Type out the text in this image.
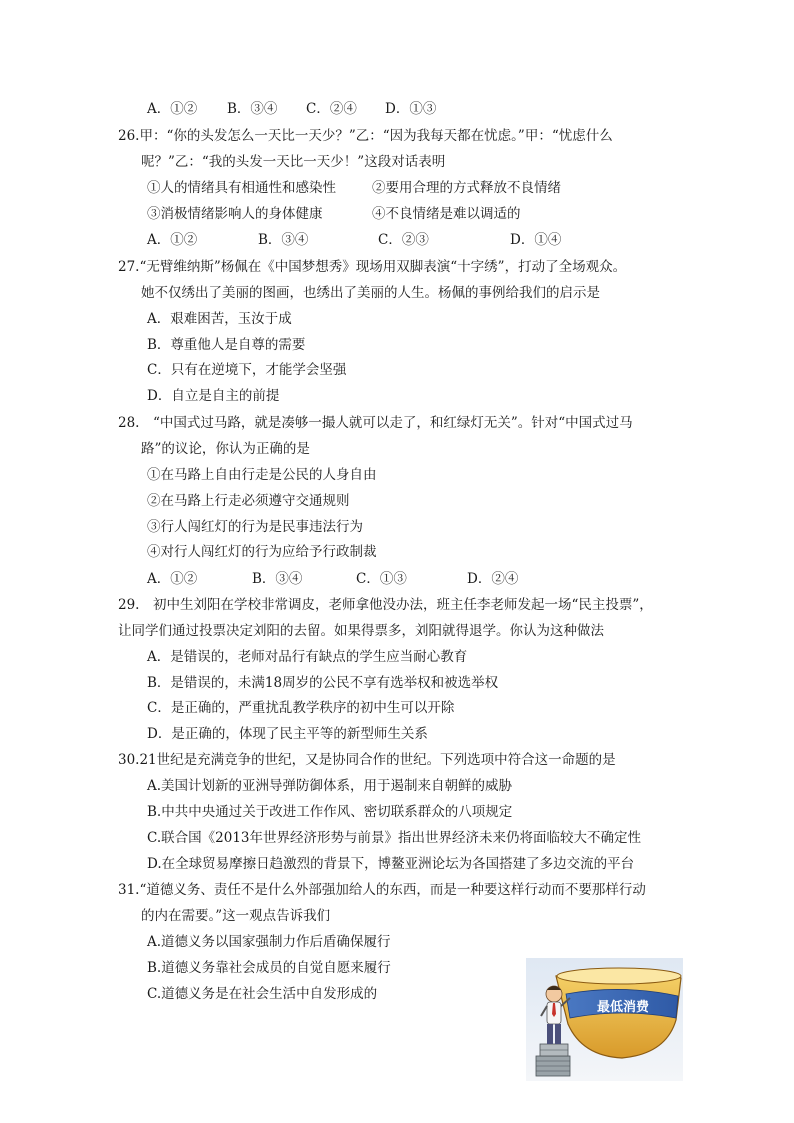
A．①② B．③④ C．②④ D．①③
26.甲：“你的头发怎么一天比一天少？”乙：“因为我每天都在忧虑。”甲：“忧虑什么
呢？”乙：“我的头发一天比一天少！”这段对话表明
①人的情绪具有相通性和感染性	②要用合理的方式释放不良情绪
③消极情绪影响人的身体健康	④不良情绪是难以调适的
A．①②	B．③④	C．②③	D．①④
27.“无臂维纳斯”杨佩在《中国梦想秀》现场用双脚表演“十字绣”，打动了全场观众。
她不仅绣出了美丽的图画，也绣出了美丽的人生。杨佩的事例给我们的启示是
A．艰难困苦，玉汝于成
B．尊重他人是自尊的需要
C．只有在逆境下，才能学会坚强
D．自立是自主的前提
28.　“中国式过马路，就是凑够一撮人就可以走了，和红绿灯无关”。针对“中国式过马
路”的议论，你认为正确的是
①在马路上自由行走是公民的人身自由
②在马路上行走必须遵守交通规则
③行人闯红灯的行为是民事违法行为
④对行人闯红灯的行为应给予行政制裁
A．①②	B．③④	C．①③	D．②④
29.　初中生刘阳在学校非常调皮，老师拿他没办法，班主任李老师发起一场“民主投票”，
让同学们通过投票决定刘阳的去留。如果得票多，刘阳就得退学。你认为这种做法
A．是错误的，老师对品行有缺点的学生应当耐心教育
B．是错误的，未满18周岁的公民不享有选举权和被选举权
C．是正确的，严重扰乱教学秩序的初中生可以开除
D．是正确的，体现了民主平等的新型师生关系
30.21世纪是充满竞争的世纪，又是协同合作的世纪。下列选项中符合这一命题的是
A.美国计划新的亚洲导弹防御体系，用于遏制来自朝鲜的威胁
B.中共中央通过关于改进工作作风、密切联系群众的八项规定
C.联合国《2013年世界经济形势与前景》指出世界经济未来仍将面临较大不确定性
D.在全球贸易摩擦日趋激烈的背景下，博鳌亚洲论坛为各国搭建了多边交流的平台
31.“道德义务、责任不是什么外部强加给人的东西，而是一种要这样行动而不要那样行动
的内在需要。”这一观点告诉我们
A.道德义务以国家强制力作后盾确保履行
B.道德义务靠社会成员的自觉自愿来履行
C.道德义务是在社会生活中自发形成的
最低消费
